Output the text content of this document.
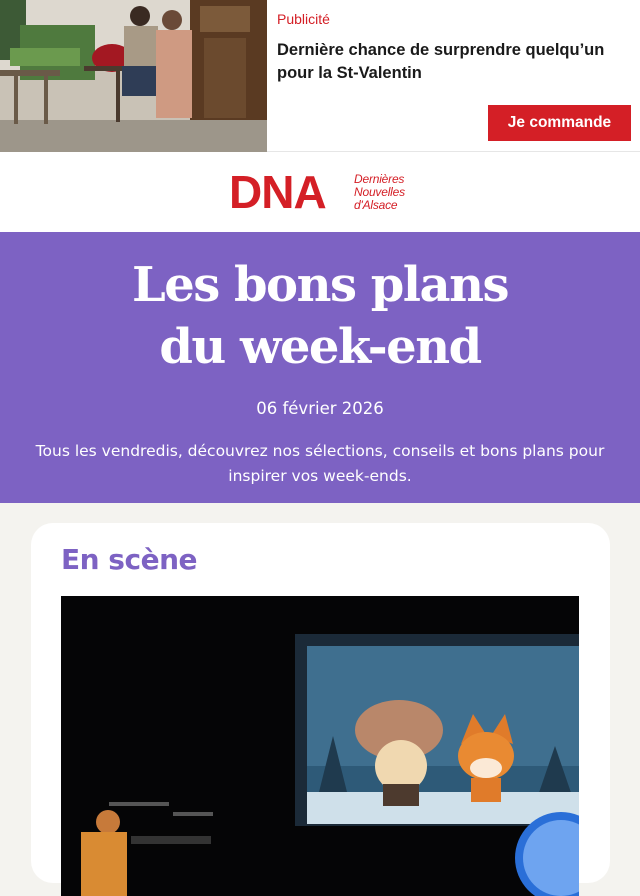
Publicité
Dernière chance de surprendre quelqu’un pour la St-Valentin
Je commande
DNA Dernières
Nouvelles
d'Alsace
Les bons plans
du week-end
06 février 2026

Tous les vendredis, découvrez nos sélections, conseils et bons plans pour inspirer vos week-ends.

En scène
